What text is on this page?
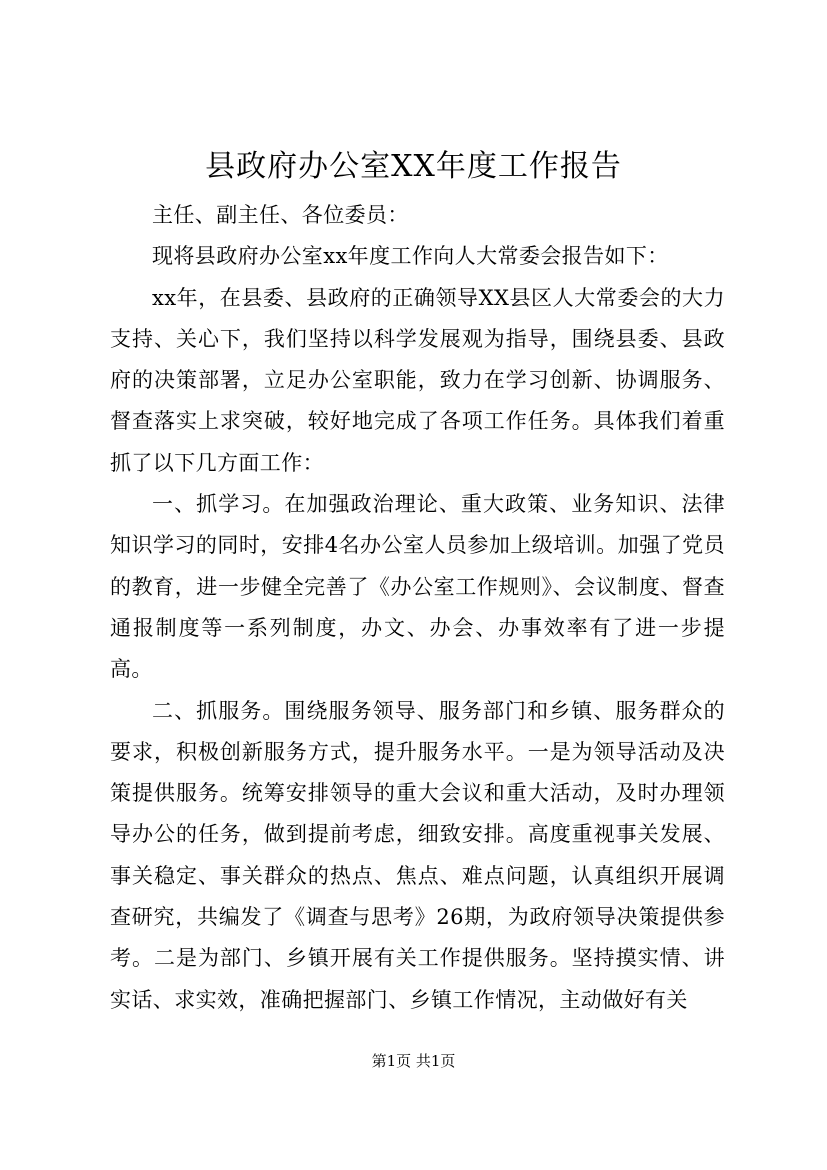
县政府办公室XX年度工作报告

主任、副主任、各位委员：

现将县政府办公室xx年度工作向人大常委会报告如下：

xx年，在县委、县政府的正确领导XX县区人大常委会的大力支持、关心下，我们坚持以科学发展观为指导，围绕县委、县政府的决策部署，立足办公室职能，致力在学习创新、协调服务、督查落实上求突破，较好地完成了各项工作任务。具体我们着重抓了以下几方面工作：

一、抓学习。在加强政治理论、重大政策、业务知识、法律知识学习的同时，安排4名办公室人员参加上级培训。加强了党员的教育，进一步健全完善了《办公室工作规则》、会议制度、督查通报制度等一系列制度，办文、办会、办事效率有了进一步提高。

二、抓服务。围绕服务领导、服务部门和乡镇、服务群众的要求，积极创新服务方式，提升服务水平。一是为领导活动及决策提供服务。统筹安排领导的重大会议和重大活动，及时办理领导办公的任务，做到提前考虑，细致安排。高度重视事关发展、事关稳定、事关群众的热点、焦点、难点问题，认真组织开展调查研究，共编发了《调查与思考》26期，为政府领导决策提供参考。二是为部门、乡镇开展有关工作提供服务。坚持摸实情、讲实话、求实效，准确把握部门、乡镇工作情况，主动做好有关

第1页 共1页
